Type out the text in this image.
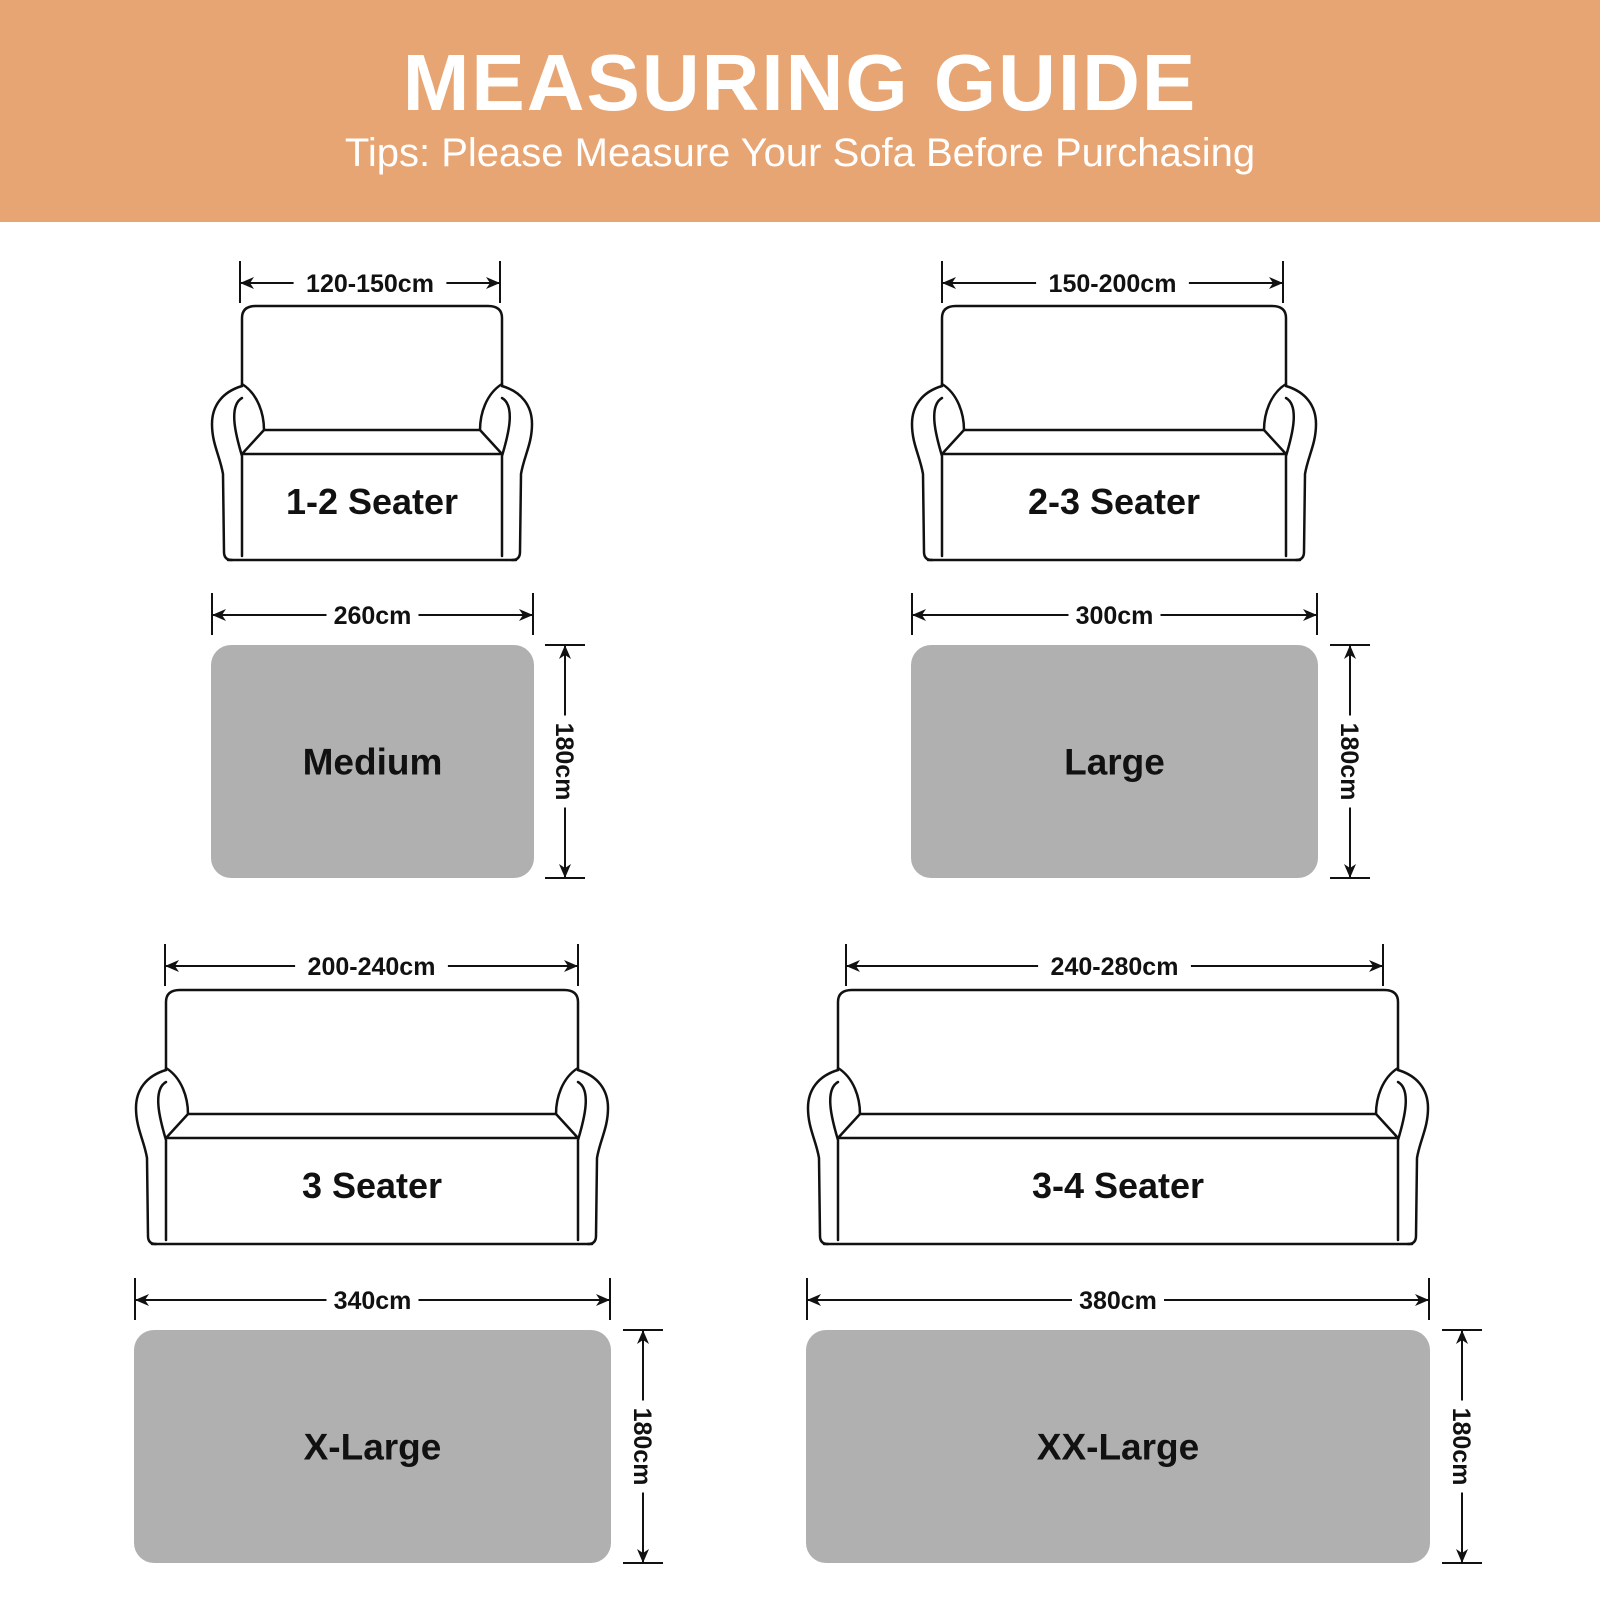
MEASURING GUIDE
Tips: Please Measure Your Sofa Before Purchasing
120-150cm
1-2 Seater
260cm
Medium	180cm
150-200cm
2-3 Seater
300cm
Large	180cm
200-240cm
3 Seater
340cm
X-Large	180cm
240-280cm
3-4 Seater
380cm
XX-Large	180cm
